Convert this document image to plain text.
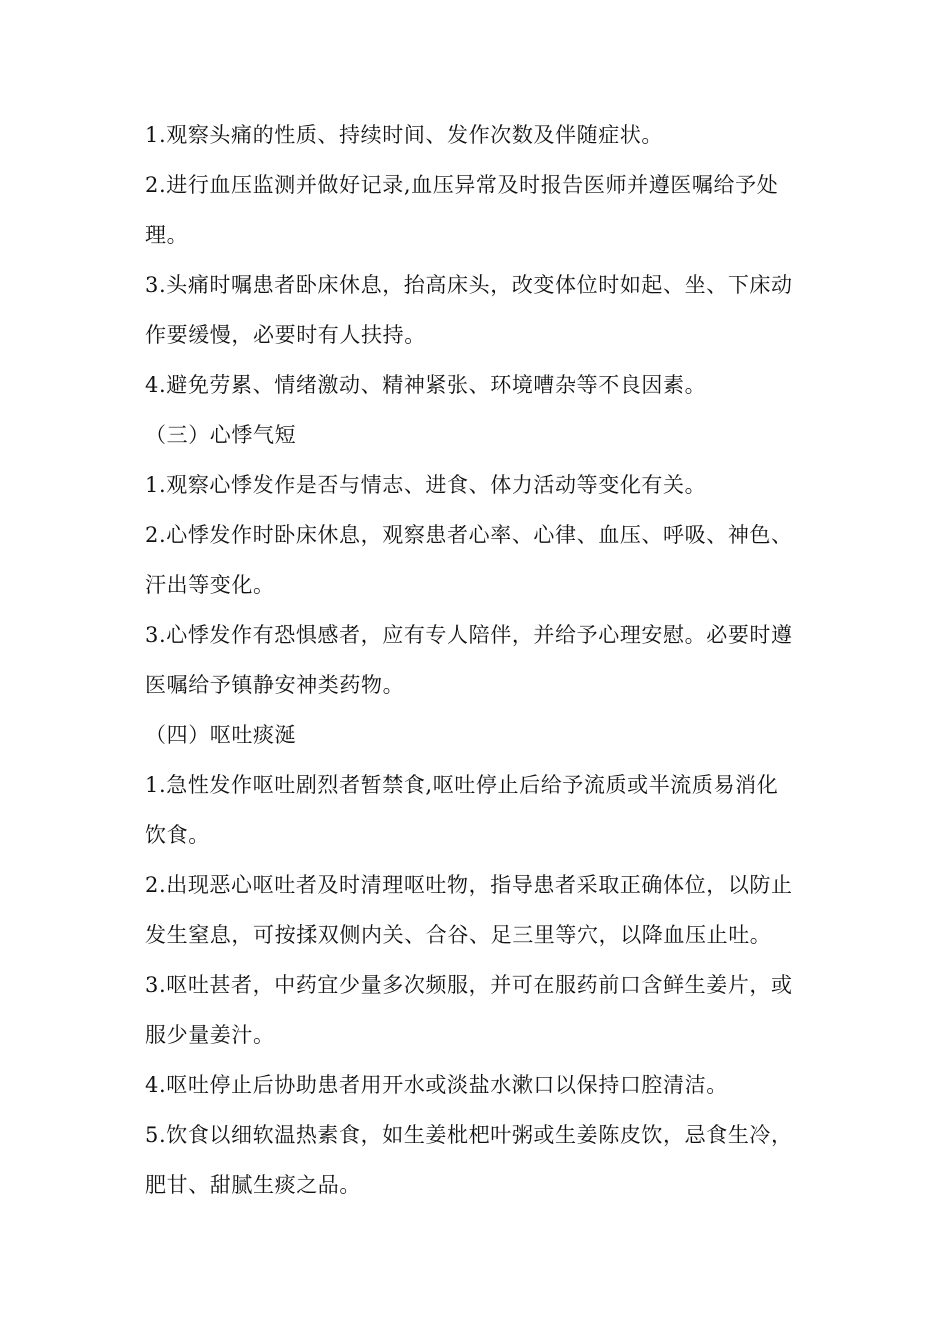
1.观察头痛的性质、持续时间、发作次数及伴随症状。
2.进行血压监测并做好记录,血压异常及时报告医师并遵医嘱给予处
理。
3.头痛时嘱患者卧床休息，抬高床头，改变体位时如起、坐、下床动
作要缓慢，必要时有人扶持。
4.避免劳累、情绪激动、精神紧张、环境嘈杂等不良因素。
（三）心悸气短
1.观察心悸发作是否与情志、进食、体力活动等变化有关。
2.心悸发作时卧床休息，观察患者心率、心律、血压、呼吸、神色、
汗出等变化。
3.心悸发作有恐惧感者，应有专人陪伴，并给予心理安慰。必要时遵
医嘱给予镇静安神类药物。
（四）呕吐痰涎
1.急性发作呕吐剧烈者暂禁食,呕吐停止后给予流质或半流质易消化
饮食。
2.出现恶心呕吐者及时清理呕吐物，指导患者采取正确体位，以防止
发生窒息，可按揉双侧内关、合谷、足三里等穴，以降血压止吐。
3.呕吐甚者，中药宜少量多次频服，并可在服药前口含鲜生姜片，或
服少量姜汁。
4.呕吐停止后协助患者用开水或淡盐水漱口以保持口腔清洁。
5.饮食以细软温热素食，如生姜枇杷叶粥或生姜陈皮饮，忌食生冷，
肥甘、甜腻生痰之品。
